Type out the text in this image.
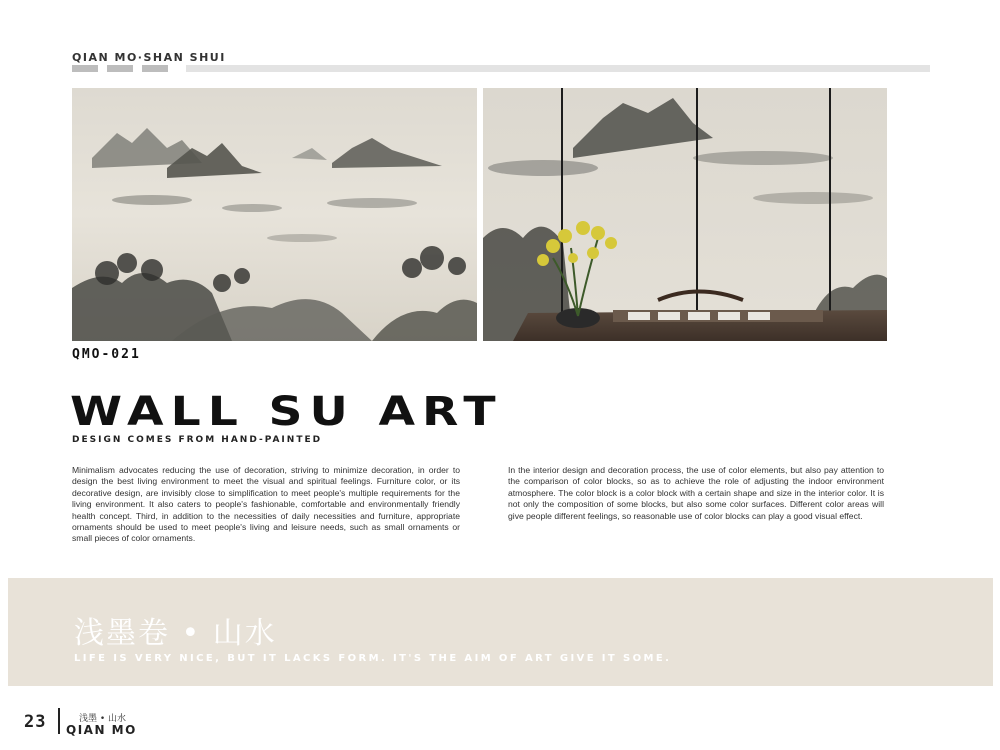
QIAN MO·SHAN SHUI
QMO-021
WALL SU ART
DESIGN COMES FROM HAND-PAINTED

Minimalism advocates reducing the use of decoration, striving to minimize decoration, in order to design the best living environment to meet the visual and spiritual feelings. Furniture color, or its decorative design, are invisibly close to simplification to meet people's multiple requirements for the living environment. It also caters to people's fashionable, comfortable and environmentally friendly health concept. Third, in addition to the necessities of daily necessities and furniture, appropriate ornaments should be used to meet people's living and leisure needs, such as small ornaments or small pieces of color ornaments.

In the interior design and decoration process, the use of color elements, but also pay attention to the comparison of color blocks, so as to achieve the role of adjusting the indoor environment atmosphere. The color block is a color block with a certain shape and size in the interior color. It is not only the composition of some blocks, but also some color surfaces. Different color areas will give people different feelings, so reasonable use of color blocks can play a good visual effect.

浅墨卷 • 山水
LIFE IS VERY NICE, BUT IT LACKS FORM. IT'S THE AIM OF ART GIVE IT SOME.
23	浅墨 • 山水
QIAN MO
